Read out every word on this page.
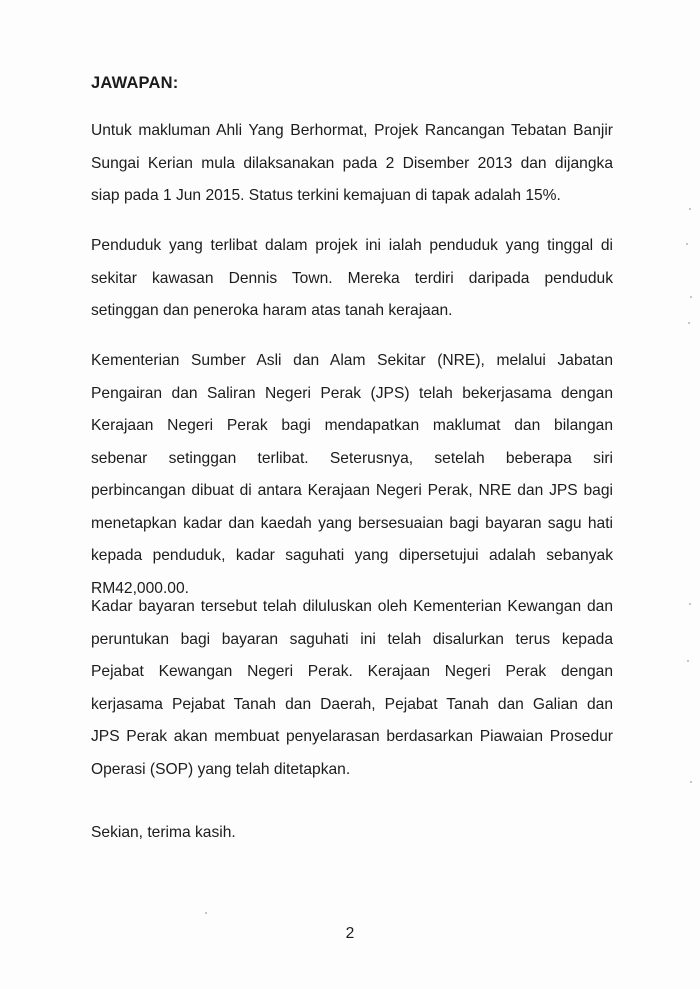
JAWAPAN:

Untuk makluman Ahli Yang Berhormat, Projek Rancangan Tebatan Banjir
Sungai Kerian mula dilaksanakan pada 2 Disember 2013 dan dijangka
siap pada 1 Jun 2015. Status terkini kemajuan di tapak adalah 15%.

Penduduk yang terlibat dalam projek ini ialah penduduk yang tinggal di
sekitar kawasan Dennis Town. Mereka terdiri daripada penduduk
setinggan dan peneroka haram atas tanah kerajaan.

Kementerian Sumber Asli dan Alam Sekitar (NRE), melalui Jabatan
Pengairan dan Saliran Negeri Perak (JPS) telah bekerjasama dengan
Kerajaan Negeri Perak bagi mendapatkan maklumat dan bilangan
sebenar setinggan terlibat. Seterusnya, setelah beberapa siri
perbincangan dibuat di antara Kerajaan Negeri Perak, NRE dan JPS bagi
menetapkan kadar dan kaedah yang bersesuaian bagi bayaran sagu hati
kepada penduduk, kadar saguhati yang dipersetujui adalah sebanyak
RM42,000.00.

Kadar bayaran tersebut telah diluluskan oleh Kementerian Kewangan dan
peruntukan bagi bayaran saguhati ini telah disalurkan terus kepada
Pejabat Kewangan Negeri Perak. Kerajaan Negeri Perak dengan
kerjasama Pejabat Tanah dan Daerah, Pejabat Tanah dan Galian dan
JPS Perak akan membuat penyelarasan berdasarkan Piawaian Prosedur
Operasi (SOP) yang telah ditetapkan.

Sekian, terima kasih.

2
